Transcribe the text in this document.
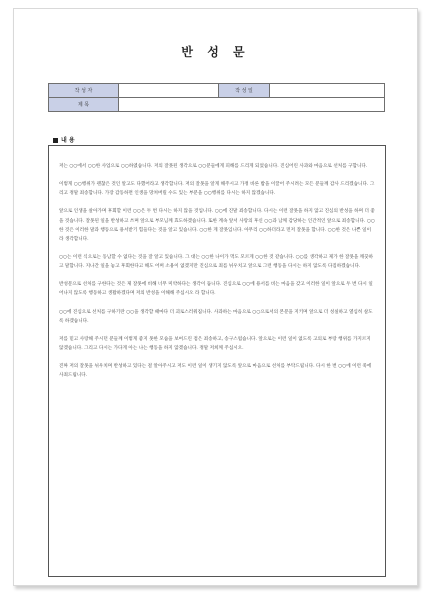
반 성 문
작 성 자		작 성 일	
제 목			
내 용

저는 ○○에서 ○○한 사업으로 ○○하였습니다. 저의 잘못된 생각으로 ○○분들에게 피해를 드리게 되었습니다. 진심어린 사과와 마음으로 선처를 구합니다.

이렇게 ○○행위가 괜찮은 것인 알고도 다했어라고 생각합니다. 저의 잘못을 알게 해주시고 가정 바른 밥을 이끌어 주시려는 모든 분들께 감사 드리겠습니다. 그리고 정말 죄송합니다. 가장 감동하면 인생을 망쳐버릴 수도 있는 부분을 ○○행위를 다시는 하지 않겠습니다.

앞으로 인생을 살아가며 후회할 이런 ○○은 두 번 다시는 하지 않을 것입니다. ○○에 진말 죄송합니다. 다시는 이런 잘못을 하지 않고 진심의 반성을 하며 더 좋을 것습니다. 잘못된 일을 반성하고 쓰며 앞으로 부모님께 효도하겠습니다. 또한 계속 앞서 사랑의 후신 ○○과 남께 감당하는 인간적인 앞으로 죄송합니다. ○○한 것은 이러한 말과 행동으로 용서받기 힘들다는 것을 알고 있습니다. ○○한 게 잘못입니다. 아무리 ○○하더라고 먼저 잘못을 합니다. ○○한 것은 나쁜 일이라 생각합니다.

○○는 이런 식으로는 동남할 수 없다는 것을 잘 알고 있습니다. 그 대는 ○○한 나이가 먹도 모르게 ○○한 것 같습니다. ○○를 생각하고 제가 한 잘못을 깨끗하고 말합니다. 지나간 일을 놓고 후회한다고 해도 어쩌 소용이 없겠지만 진심으로 죄를 뉘우치고 앞으로 그런 행동을 다시는 하지 않도록 다짐하겠습니다.

반성문으로 선처를 구한다는 것은 제 잘못에 비해 너무 미약하다는 생각이 듭니다. 진심으로 ○○에 용서를 비는 마음을 갖고 이러한 일이 앞으로 두 번 다시 일어나지 않도록 행동하고 생활하겠다며 저의 반성을 이해해 주십시오 라 합니다.

○○에 진심으로 선처를 구하기란 ○○을 생각할 때마다 더 괴로스러워집니다. 사과하는 마음으로 ○○으로서의 본분을 지키며 앞으로 더 성실하고 열심히 살도록 하겠습니다.

저를 믿고 사랑해 주시던 분들께 이렇게 좋지 못한 모습을 보여드린 점은 죄송하고, 송구스럽습니다. 앞으로는 이런 일이 없도록 고의로 부랑 행위를 가지르지 않겠습니다. 그리고 다시는 가다게 아는 나는 행동을 하지 않겠습니다. 정말 저희께 주십시오.

진짜 저의 잘못을 뉘우치며 반성하고 있다는 걸 알아주시고 저도 이런 일이 생기지 않도록 앞으로 마음으로 선처를 부탁드립니다. 다시 한 번 ○○에 이런 죽에 사죄드립니다.
